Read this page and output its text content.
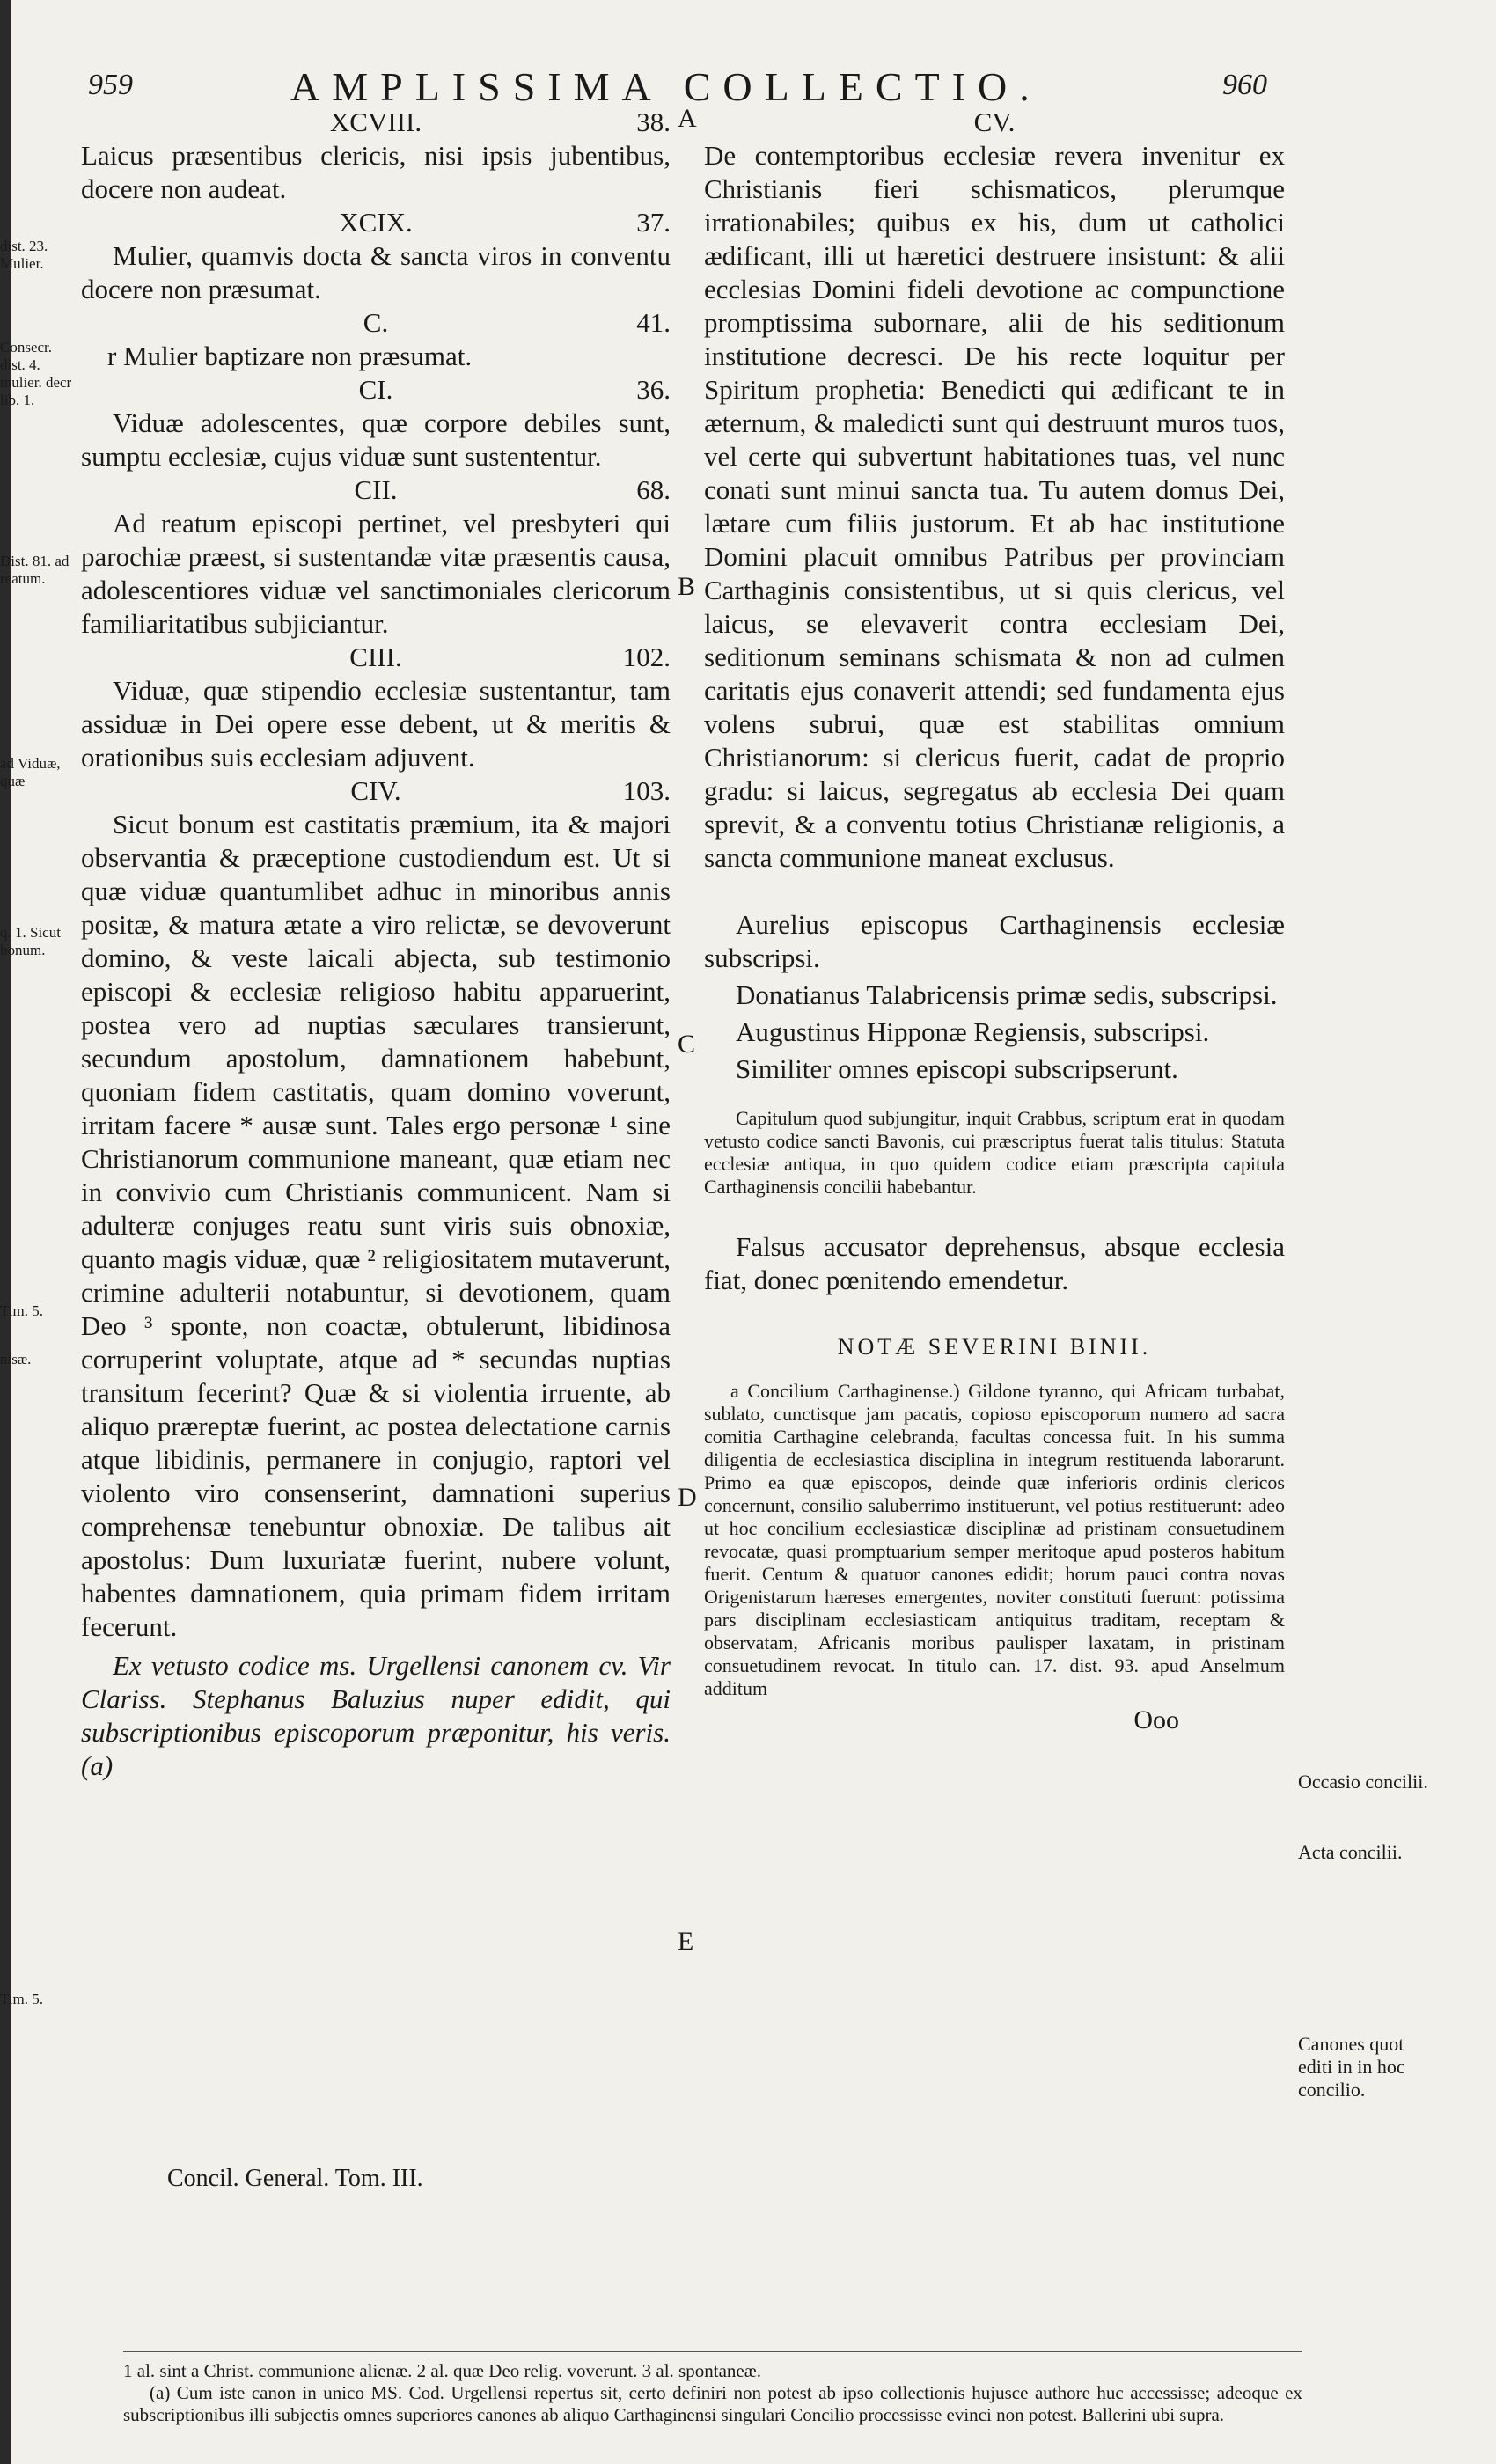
959	AMPLISSIMA COLLECTIO.	960
XCVIII.	38.
Laicus præsentibus clericis, nisi ipsis jubentibus, docere non audeat.
XCIX.	37.
Mulier, quamvis docta & sancta viros in conventu docere non præsumat.
C.	41.
r Mulier baptizare non præsumat.
CI.	36.
Viduæ adolescentes, quæ corpore debiles sunt, sumptu ecclesiæ, cujus viduæ sunt sustententur.
CII.	68.
Ad reatum episcopi pertinet, vel presbyteri qui parochiæ præest, si sustentandæ vitæ præsentis causa, adolescentiores viduæ vel sanctimoniales clericorum familiaritatibus subjiciantur.
CIII.	102.
Viduæ, quæ stipendio ecclesiæ sustentantur, tam assiduæ in Dei opere esse debent, ut & meritis & orationibus suis ecclesiam adjuvent.
CIV.	103.
Sicut bonum est castitatis præmium, ita & majori observantia & præceptione custodiendum est. Ut si quæ viduæ quantumlibet adhuc in minoribus annis positæ, & matura ætate a viro relictæ, se devoverunt domino, & veste laicali abjecta, sub testimonio episcopi & ecclesiæ religioso habitu apparuerint, postea vero ad nuptias sæculares transierunt, secundum apostolum, damnationem habebunt, quoniam fidem castitatis, quam domino voverunt, irritam facere * ausæ sunt. Tales ergo personæ ¹ sine Christianorum communione maneant, quæ etiam nec in convivio cum Christianis communicent. Nam si adulteræ conjuges reatu sunt viris suis obnoxiæ, quanto magis viduæ, quæ ² religiositatem mutaverunt, crimine adulterii notabuntur, si devotionem, quam Deo ³ sponte, non coactæ, obtulerunt, libidinosa corruperint voluptate, atque ad * secundas nuptias transitum fecerint? Quæ & si violentia irruente, ab aliquo præreptæ fuerint, ac postea delectatione carnis atque libidinis, permanere in conjugio, raptori vel violento viro consenserint, damnationi superius comprehensæ tenebuntur obnoxiæ. De talibus ait apostolus: Dum luxuriatæ fuerint, nubere volunt, habentes damnationem, quia primam fidem irritam fecerunt.
Ex vetusto codice ms. Urgellensi canonem cv. Vir Clariss. Stephanus Baluzius nuper edidit, qui subscriptionibus episcoporum præponitur, his veris. (a)
Concil. General. Tom. III.
CV.
De contemptoribus ecclesiæ revera invenitur ex Christianis fieri schismaticos, plerumque irrationabiles; quibus ex his, dum ut catholici ædificant, illi ut hæretici destruere insistunt: & alii ecclesias Domini fideli devotione ac compunctione promptissima subornare, alii de his seditionum institutione decresci. De his recte loquitur per Spiritum prophetia: Benedicti qui ædificant te in æternum, & maledicti sunt qui destruunt muros tuos, vel certe qui subvertunt habitationes tuas, vel nunc conati sunt minui sancta tua. Tu autem domus Dei, lætare cum filiis justorum. Et ab hac institutione Domini placuit omnibus Patribus per provinciam Carthaginis consistentibus, ut si quis clericus, vel laicus, se elevaverit contra ecclesiam Dei, seditionum seminans schismata & non ad culmen caritatis ejus conaverit attendi; sed fundamenta ejus volens subrui, quæ est stabilitas omnium Christianorum: si clericus fuerit, cadat de proprio gradu: si laicus, segregatus ab ecclesia Dei quam sprevit, & a conventu totius Christianæ religionis, a sancta communione maneat exclusus.
Aurelius episcopus Carthaginensis ecclesiæ subscripsi.
Donatianus Talabricensis primæ sedis, subscripsi.
Augustinus Hipponæ Regiensis, subscripsi.
Similiter omnes episcopi subscripserunt.
Capitulum quod subjungitur, inquit Crabbus, scriptum erat in quodam vetusto codice sancti Bavonis, cui præscriptus fuerat talis titulus: Statuta ecclesiæ antiqua, in quo quidem codice etiam præscripta capitula Carthaginensis concilii habebantur.
Falsus accusator deprehensus, absque ecclesia fiat, donec pœnitendo emendetur.
NOTÆ SEVERINI BINII.
a Concilium Carthaginense.) Gildone tyranno, qui Africam turbabat, sublato, cunctisque jam pacatis, copioso episcoporum numero ad sacra comitia Carthagine celebranda, facultas concessa fuit. In his summa diligentia de ecclesiastica disciplina in integrum restituenda laborarunt. Primo ea quæ episcopos, deinde quæ inferioris ordinis clericos concernunt, consilio saluberrimo instituerunt, vel potius restituerunt: adeo ut hoc concilium ecclesiasticæ disciplinæ ad pristinam consuetudinem revocatæ, quasi promptuarium semper meritoque apud posteros habitum fuerit. Centum & quatuor canones edidit; horum pauci contra novas Origenistarum hæreses emergentes, noviter constituti fuerunt: potissima pars disciplinam ecclesiasticam antiquitus traditam, receptam & observatam, Africanis moribus paulisper laxatam, in pristinam consuetudinem revocat. In titulo can. 17. dist. 93. apud Anselmum additum
Ooo
dist. 23. Mulier.
Consecr. dist. 4. mulier. decr lib. 1.
Dist. 81. ad reatum.
ad Viduæ, quæ
q. 1. Sicut bonum.
Tim. 5.
nisæ.
Tim. 5.
Occasio concilii.
Acta concilii.
Canones quot editi in in hoc concilio.
A
B
C
D
E
1 al. sint a Christ. communione alienæ. 2 al. quæ Deo relig. voverunt. 3 al. spontaneæ.
(a) Cum iste canon in unico MS. Cod. Urgellensi repertus sit, certo definiri non potest ab ipso collectionis hujusce authore huc accessisse; adeoque ex subscriptionibus illi subjectis omnes superiores canones ab aliquo Carthaginensi singulari Concilio processisse evinci non potest. Ballerini ubi supra.
